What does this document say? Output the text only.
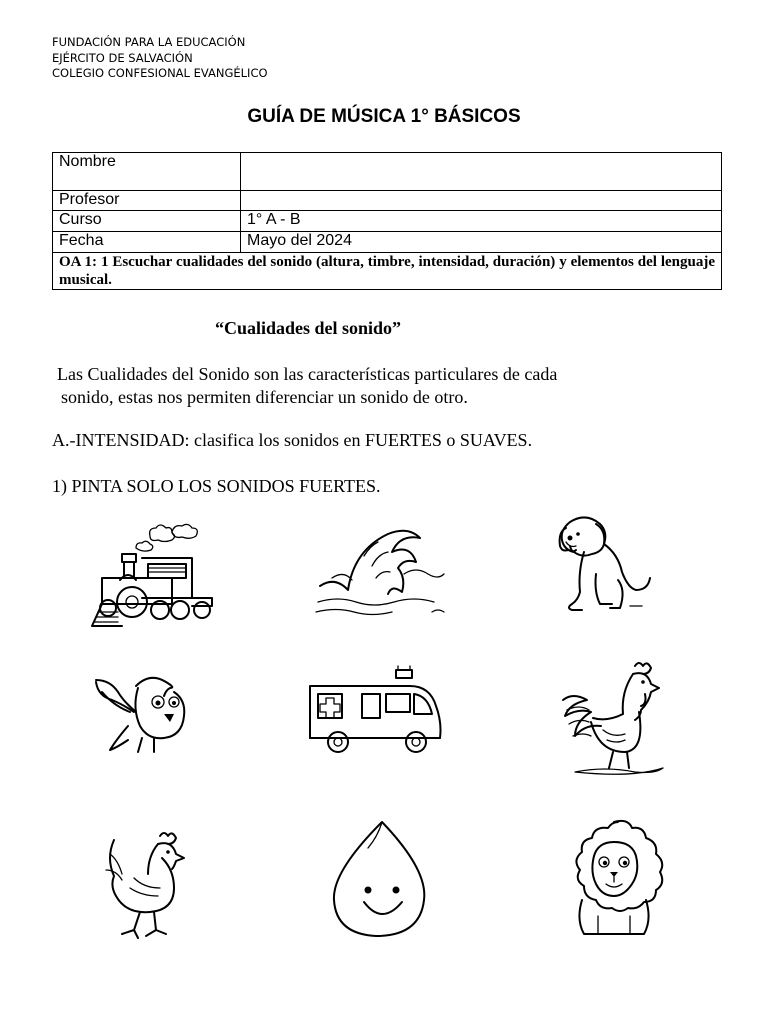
FUNDACIÓN PARA LA EDUCACIÓN
EJÉRCITO DE SALVACIÓN
COLEGIO CONFESIONAL EVANGÉLICO
GUÍA DE MÚSICA 1° BÁSICOS
Nombre	
Profesor	
Curso	1° A - B
Fecha	Mayo del 2024
OA 1: 1 Escuchar cualidades del sonido (altura, timbre, intensidad, duración) y elementos del lenguaje musical.	
“Cualidades del sonido”
Las Cualidades del Sonido son las características particulares de cada
sonido, estas nos permiten diferenciar un sonido de otro.
A.-INTENSIDAD: clasifica los sonidos en FUERTES o SUAVES.
1) PINTA SOLO LOS SONIDOS FUERTES.
